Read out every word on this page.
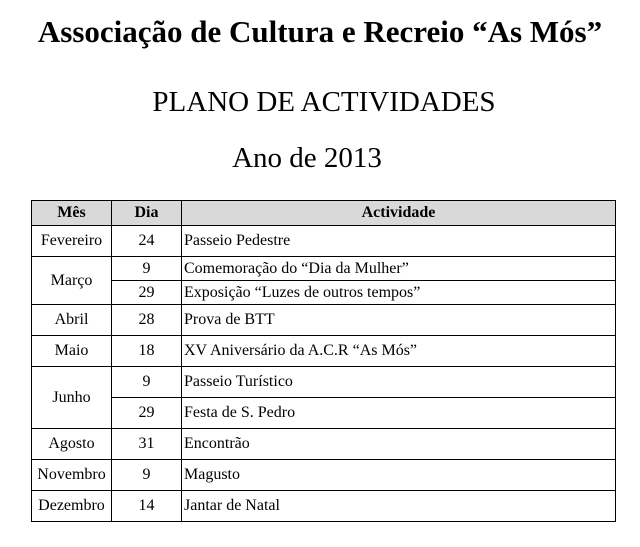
Associação de Cultura e Recreio “As Mós”
PLANO DE ACTIVIDADES
Ano de 2013
Mês	Dia	Actividade
Fevereiro	24	Passeio Pedestre
Março	9	Comemoração do “Dia da Mulher”
	29	Exposição “Luzes de outros tempos”
Abril	28	Prova de BTT
Maio	18	XV Aniversário da A.C.R “As Mós”
Junho	9	Passeio Turístico
	29	Festa de S. Pedro
Agosto	31	Encontrão
Novembro	9	Magusto
Dezembro	14	Jantar de Natal
